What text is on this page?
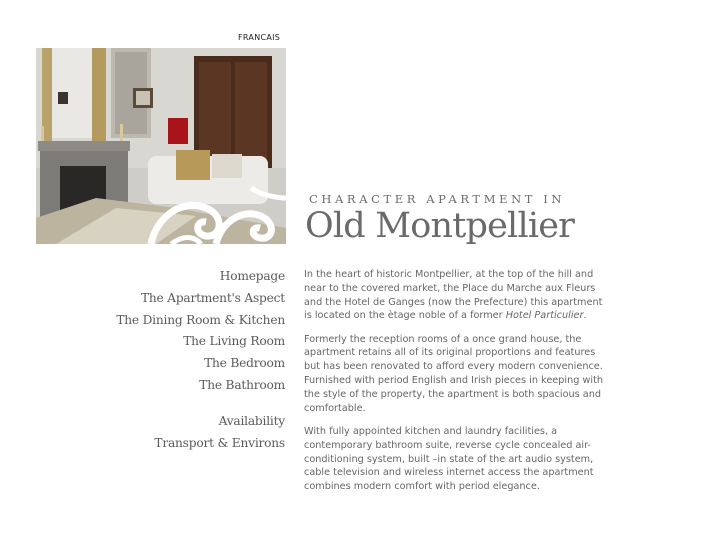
FRANCAIS
CHARACTER APARTMENT IN
Old Montpellier
Homepage
The Apartment's Aspect
The Dining Room & Kitchen
The Living Room
The Bedroom
The Bathroom
Availability
Transport & Environs

In the heart of historic Montpellier, at the top of the hill and near to the covered market, the Place du Marche aux Fleurs and the Hotel de Ganges (now the Prefecture) this apartment is located on the ètage noble of a former Hotel Particulier.

Formerly the reception rooms of a once grand house, the apartment retains all of its original proportions and features but has been renovated to afford every modern convenience. Furnished with period English and Irish pieces in keeping with the style of the property, the apartment is both spacious and comfortable.

With fully appointed kitchen and laundry facilities, a contemporary bathroom suite, reverse cycle concealed air-conditioning system, built –in state of the art audio system, cable television and wireless internet access the apartment combines modern comfort with period elegance.
